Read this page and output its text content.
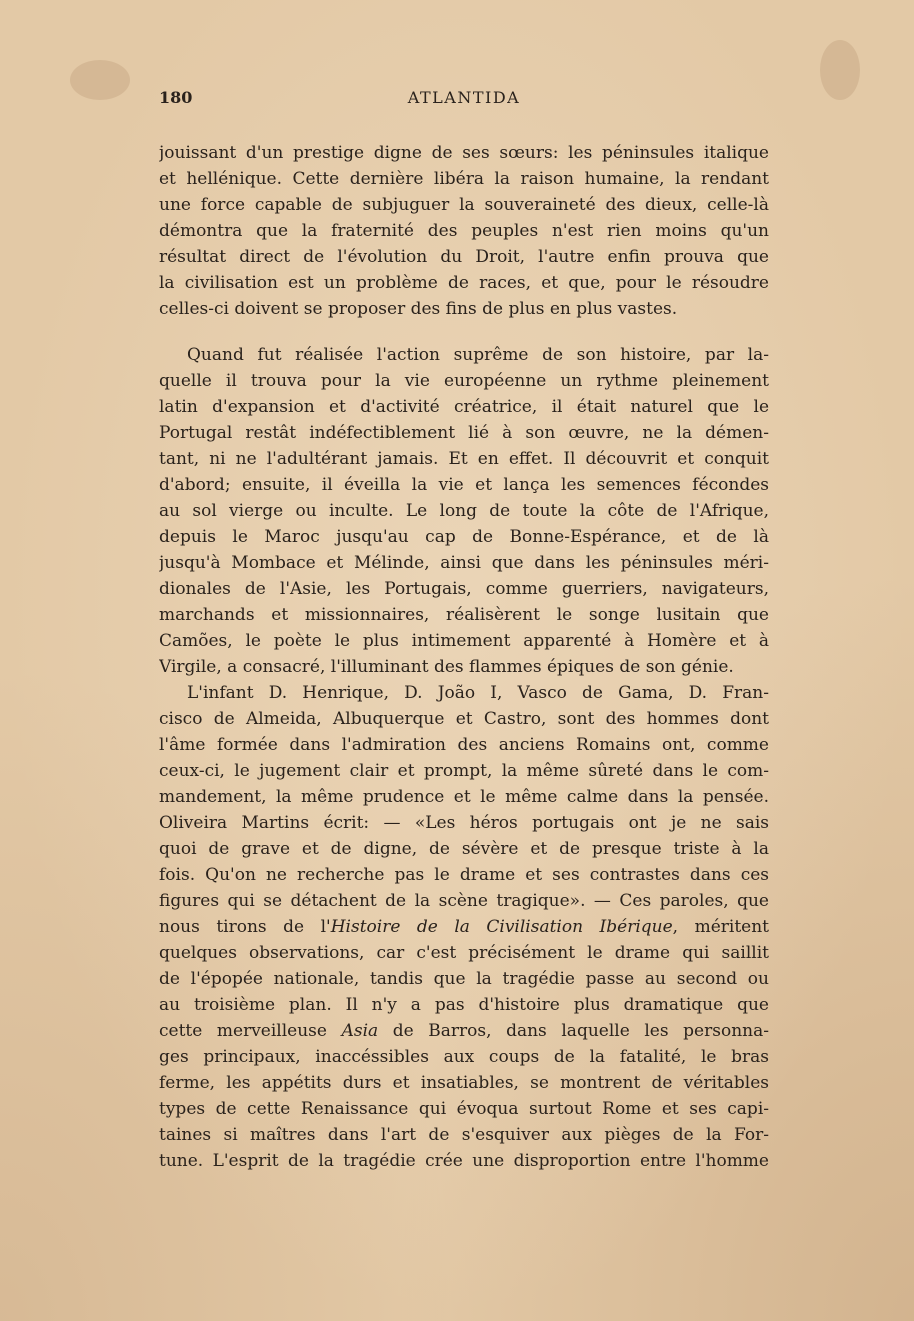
180	ATLANTIDA
jouissant d'un prestige digne de ses sœurs: les péninsules italique
et hellénique. Cette dernière libéra la raison humaine, la rendant
une force capable de subjuguer la souveraineté des dieux, celle-là
démontra que la fraternité des peuples n'est rien moins qu'un
résultat direct de l'évolution du Droit, l'autre enfin prouva que
la civilisation est un problème de races, et que, pour le résoudre
celles-ci doivent se proposer des fins de plus en plus vastes.
Quand fut réalisée l'action suprême de son histoire, par la-
quelle il trouva pour la vie européenne un rythme pleinement
latin d'expansion et d'activité créatrice, il était naturel que le
Portugal restât indéfectiblement lié à son œuvre, ne la démen-
tant, ni ne l'adultérant jamais. Et en effet. Il découvrit et conquit
d'abord; ensuite, il éveilla la vie et lança les semences fécondes
au sol vierge ou inculte. Le long de toute la côte de l'Afrique,
depuis le Maroc jusqu'au cap de Bonne-Espérance, et de là
jusqu'à Mombace et Mélinde, ainsi que dans les péninsules méri-
dionales de l'Asie, les Portugais, comme guerriers, navigateurs,
marchands et missionnaires, réalisèrent le songe lusitain que
Camões, le poète le plus intimement apparenté à Homère et à
Virgile, a consacré, l'illuminant des flammes épiques de son génie.
L'infant D. Henrique, D. João I, Vasco de Gama, D. Fran-
cisco de Almeida, Albuquerque et Castro, sont des hommes dont
l'âme formée dans l'admiration des anciens Romains ont, comme
ceux-ci, le jugement clair et prompt, la même sûreté dans le com-
mandement, la même prudence et le même calme dans la pensée.
Oliveira Martins écrit: — «Les héros portugais ont je ne sais
quoi de grave et de digne, de sévère et de presque triste à la
fois. Qu'on ne recherche pas le drame et ses contrastes dans ces
figures qui se détachent de la scène tragique». — Ces paroles, que
nous tirons de l'Histoire de la Civilisation Ibérique, méritent
quelques observations, car c'est précisément le drame qui saillit
de l'épopée nationale, tandis que la tragédie passe au second ou
au troisième plan. Il n'y a pas d'histoire plus dramatique que
cette merveilleuse Asia de Barros, dans laquelle les personna-
ges principaux, inaccéssibles aux coups de la fatalité, le bras
ferme, les appétits durs et insatiables, se montrent de véritables
types de cette Renaissance qui évoqua surtout Rome et ses capi-
taines si maîtres dans l'art de s'esquiver aux pièges de la For-
tune. L'esprit de la tragédie crée une disproportion entre l'homme
